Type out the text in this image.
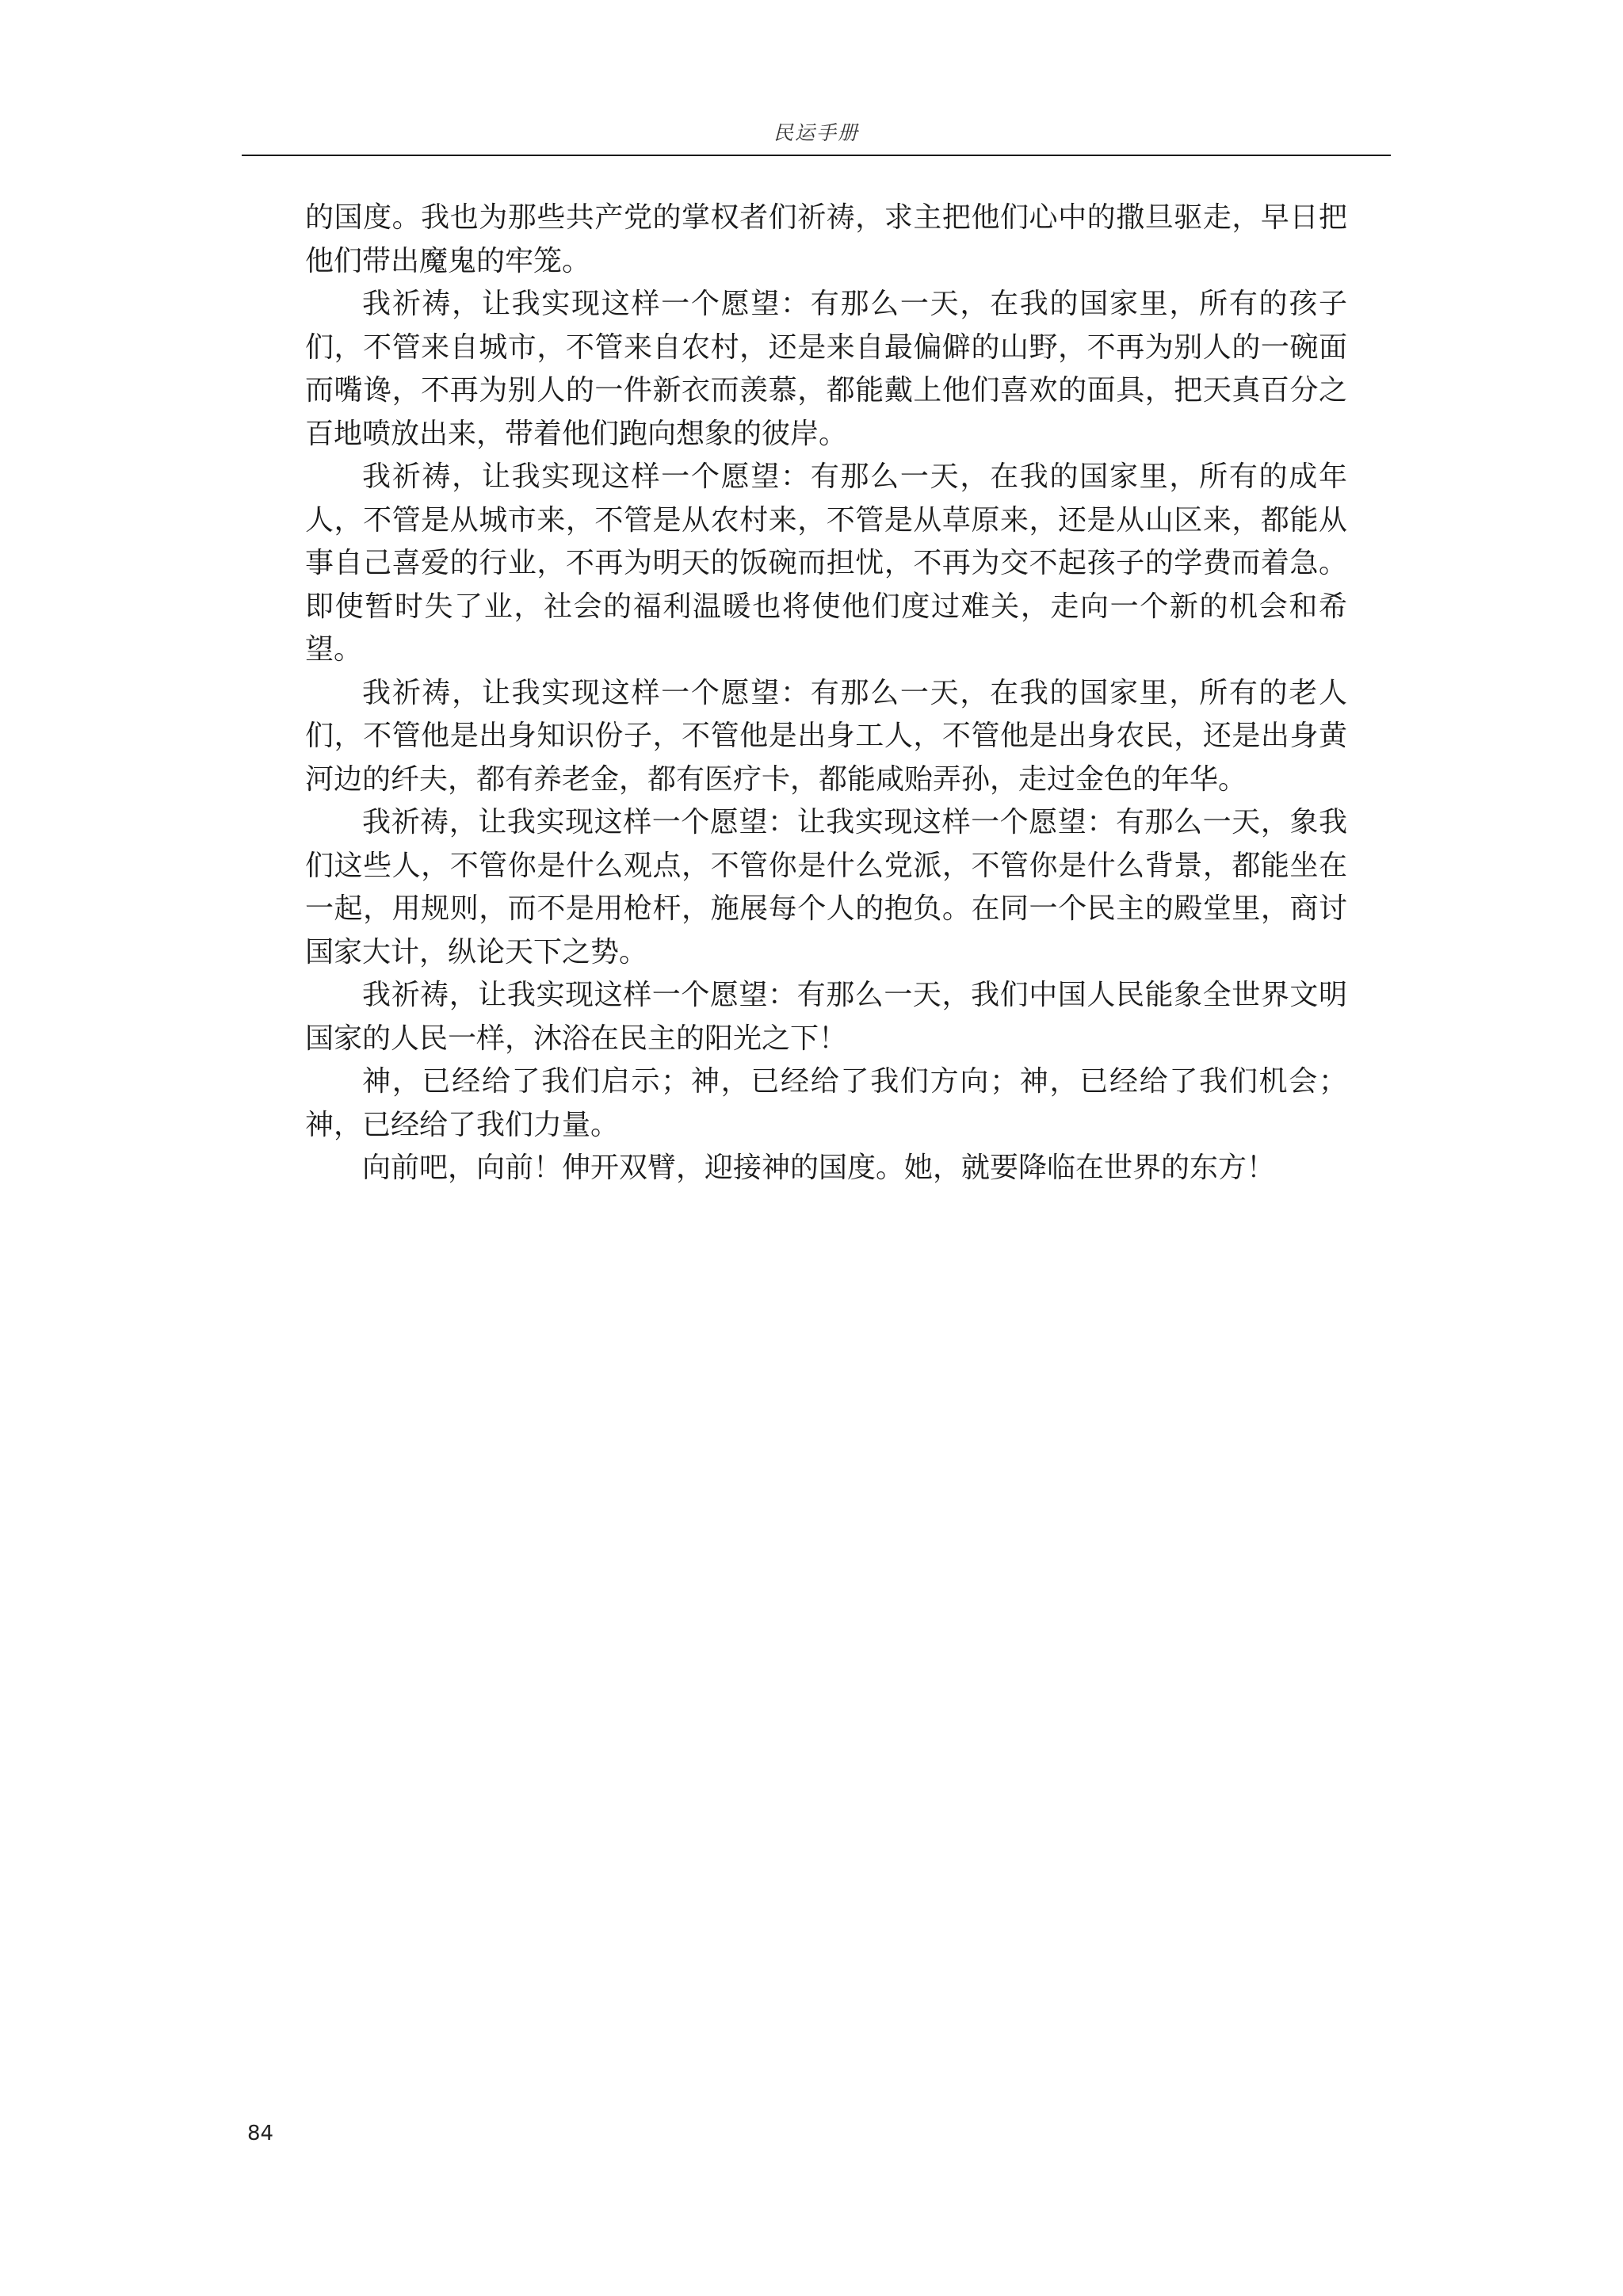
民运手册

的国度。我也为那些共产党的掌权者们祈祷，求主把他们心中的撒旦驱走，早日把他们带出魔鬼的牢笼。

我祈祷，让我实现这样一个愿望：有那么一天，在我的国家里，所有的孩子们，不管来自城市，不管来自农村，还是来自最偏僻的山野，不再为别人的一碗面而嘴谗，不再为别人的一件新衣而羡慕，都能戴上他们喜欢的面具，把天真百分之百地喷放出来，带着他们跑向想象的彼岸。

我祈祷，让我实现这样一个愿望：有那么一天，在我的国家里，所有的成年人，不管是从城市来，不管是从农村来，不管是从草原来，还是从山区来，都能从事自己喜爱的行业，不再为明天的饭碗而担忧，不再为交不起孩子的学费而着急。即使暂时失了业，社会的福利温暖也将使他们度过难关，走向一个新的机会和希望。

我祈祷，让我实现这样一个愿望：有那么一天，在我的国家里，所有的老人们，不管他是出身知识份子，不管他是出身工人，不管他是出身农民，还是出身黄河边的纤夫，都有养老金，都有医疗卡，都能咸贻弄孙，走过金色的年华。

我祈祷，让我实现这样一个愿望：让我实现这样一个愿望：有那么一天，象我们这些人，不管你是什么观点，不管你是什么党派，不管你是什么背景，都能坐在一起，用规则，而不是用枪杆，施展每个人的抱负。在同一个民主的殿堂里，商讨国家大计，纵论天下之势。

我祈祷，让我实现这样一个愿望：有那么一天，我们中国人民能象全世界文明国家的人民一样，沐浴在民主的阳光之下！

神，已经给了我们启示；神，已经给了我们方向；神，已经给了我们机会；神，已经给了我们力量。

向前吧，向前！伸开双臂，迎接神的国度。她，就要降临在世界的东方！

84
